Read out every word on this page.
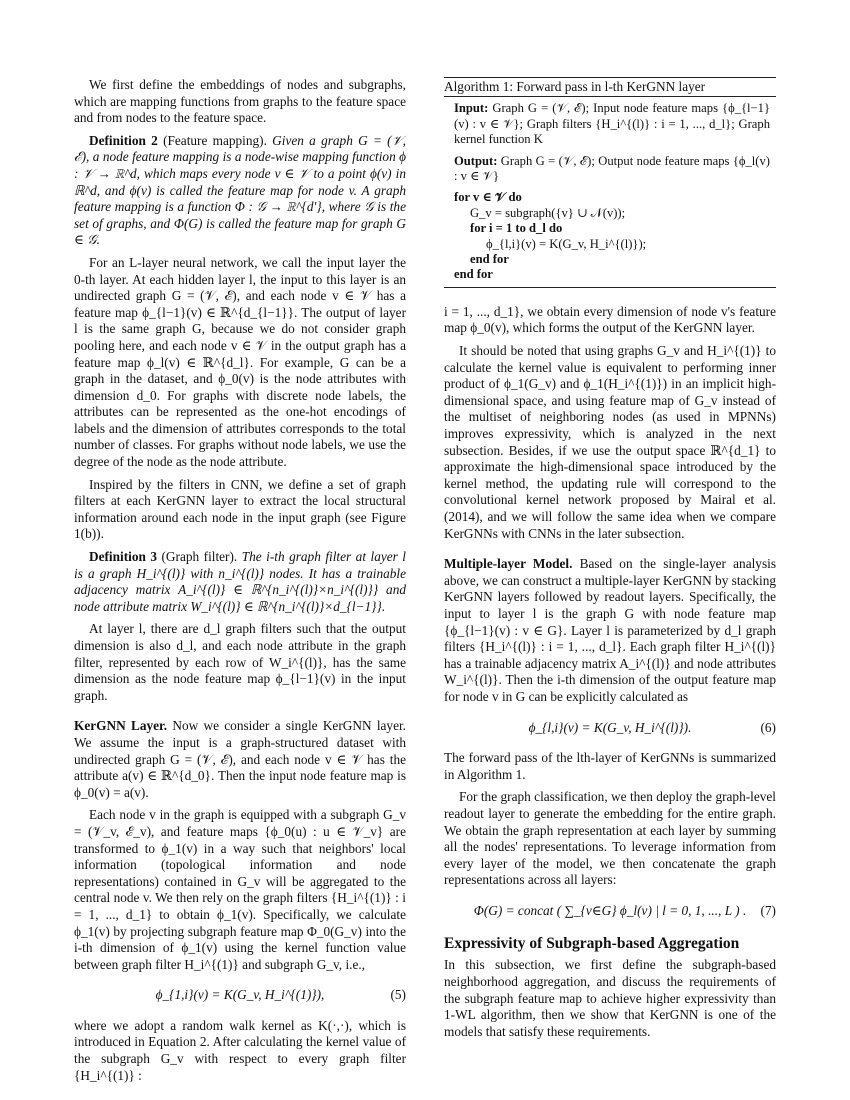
We first define the embeddings of nodes and subgraphs, which are mapping functions from graphs to the feature space and from nodes to the feature space.

Definition 2 (Feature mapping). Given a graph G = (𝒱, ℰ), a node feature mapping is a node-wise mapping function ϕ : 𝒱 → ℝ^d, which maps every node v ∈ 𝒱 to a point ϕ(v) in ℝ^d, and ϕ(v) is called the feature map for node v. A graph feature mapping is a function Φ : 𝒢 → ℝ^{d′}, where 𝒢 is the set of graphs, and Φ(G) is called the feature map for graph G ∈ 𝒢.

For an L-layer neural network, we call the input layer the 0-th layer. At each hidden layer l, the input to this layer is an undirected graph G = (𝒱, ℰ), and each node v ∈ 𝒱 has a feature map ϕ_{l−1}(v) ∈ ℝ^{d_{l−1}}. The output of layer l is the same graph G, because we do not consider graph pooling here, and each node v ∈ 𝒱 in the output graph has a feature map ϕ_l(v) ∈ ℝ^{d_l}. For example, G can be a graph in the dataset, and ϕ_0(v) is the node attributes with dimension d_0. For graphs with discrete node labels, the attributes can be represented as the one-hot encodings of labels and the dimension of attributes corresponds to the total number of classes. For graphs without node labels, we use the degree of the node as the node attribute.

Inspired by the filters in CNN, we define a set of graph filters at each KerGNN layer to extract the local structural information around each node in the input graph (see Figure 1(b)).

Definition 3 (Graph filter). The i-th graph filter at layer l is a graph H_i^{(l)} with n_i^{(l)} nodes. It has a trainable adjacency matrix A_i^{(l)} ∈ ℝ^{n_i^{(l)}×n_i^{(l)}} and node attribute matrix W_i^{(l)} ∈ ℝ^{n_i^{(l)}×d_{l−1}}.

At layer l, there are d_l graph filters such that the output dimension is also d_l, and each node attribute in the graph filter, represented by each row of W_i^{(l)}, has the same dimension as the node feature map ϕ_{l−1}(v) in the input graph.

KerGNN Layer. Now we consider a single KerGNN layer. We assume the input is a graph-structured dataset with undirected graph G = (𝒱, ℰ), and each node v ∈ 𝒱 has the attribute a(v) ∈ ℝ^{d_0}. Then the input node feature map is ϕ_0(v) = a(v).

Each node v in the graph is equipped with a subgraph G_v = (𝒱_v, ℰ_v), and feature maps {ϕ_0(u) : u ∈ 𝒱_v} are transformed to ϕ_1(v) in a way such that neighbors' local information (topological information and node representations) contained in G_v will be aggregated to the central node v. We then rely on the graph filters {H_i^{(1)} : i = 1, ..., d_1} to obtain ϕ_1(v). Specifically, we calculate ϕ_1(v) by projecting subgraph feature map Φ_0(G_v) into the i-th dimension of ϕ_1(v) using the kernel function value between graph filter H_i^{(1)} and subgraph G_v, i.e.,

ϕ_{1,i}(v) = K(G_v, H_i^{(1)}),	(5)

where we adopt a random walk kernel as K(·,·), which is introduced in Equation 2. After calculating the kernel value of the subgraph G_v with respect to every graph filter {H_i^{(1)} :

Algorithm 1: Forward pass in l-th KerGNN layer
Input: Graph G = (𝒱, ℰ); Input node feature maps {ϕ_{l−1}(v) : v ∈ 𝒱}; Graph filters {H_i^{(l)} : i = 1, ..., d_l}; Graph kernel function K
Output: Graph G = (𝒱, ℰ); Output node feature maps {ϕ_l(v) : v ∈ 𝒱}
for v ∈ 𝒱 do
G_v = subgraph({v} ∪ 𝒩(v));
for i = 1 to d_l do
ϕ_{l,i}(v) = K(G_v, H_i^{(l)});
end for
end for

i = 1, ..., d_1}, we obtain every dimension of node v's feature map ϕ_0(v), which forms the output of the KerGNN layer.

It should be noted that using graphs G_v and H_i^{(1)} to calculate the kernel value is equivalent to performing inner product of ϕ_1(G_v) and ϕ_1(H_i^{(1)}) in an implicit high-dimensional space, and using feature map of G_v instead of the multiset of neighboring nodes (as used in MPNNs) improves expressivity, which is analyzed in the next subsection. Besides, if we use the output space ℝ^{d_1} to approximate the high-dimensional space introduced by the kernel method, the updating rule will correspond to the convolutional kernel network proposed by Mairal et al. (2014), and we will follow the same idea when we compare KerGNNs with CNNs in the later subsection.

Multiple-layer Model. Based on the single-layer analysis above, we can construct a multiple-layer KerGNN by stacking KerGNN layers followed by readout layers. Specifically, the input to layer l is the graph G with node feature map {ϕ_{l−1}(v) : v ∈ G}. Layer l is parameterized by d_l graph filters {H_i^{(l)} : i = 1, ..., d_l}. Each graph filter H_i^{(l)} has a trainable adjacency matrix A_i^{(l)} and node attributes W_i^{(l)}. Then the i-th dimension of the output feature map for node v in G can be explicitly calculated as

ϕ_{l,i}(v) = K(G_v, H_i^{(l)}).	(6)

The forward pass of the lth-layer of KerGNNs is summarized in Algorithm 1.

For the graph classification, we then deploy the graph-level readout layer to generate the embedding for the entire graph. We obtain the graph representation at each layer by summing all the nodes' representations. To leverage information from every layer of the model, we then concatenate the graph representations across all layers:

Φ(G) = concat ( ∑_{v∈G} ϕ_l(v) | l = 0, 1, ..., L ) . (7)
Expressivity of Subgraph-based Aggregation

In this subsection, we first define the subgraph-based neighborhood aggregation, and discuss the requirements of the subgraph feature map to achieve higher expressivity than 1-WL algorithm, then we show that KerGNN is one of the models that satisfy these requirements.
